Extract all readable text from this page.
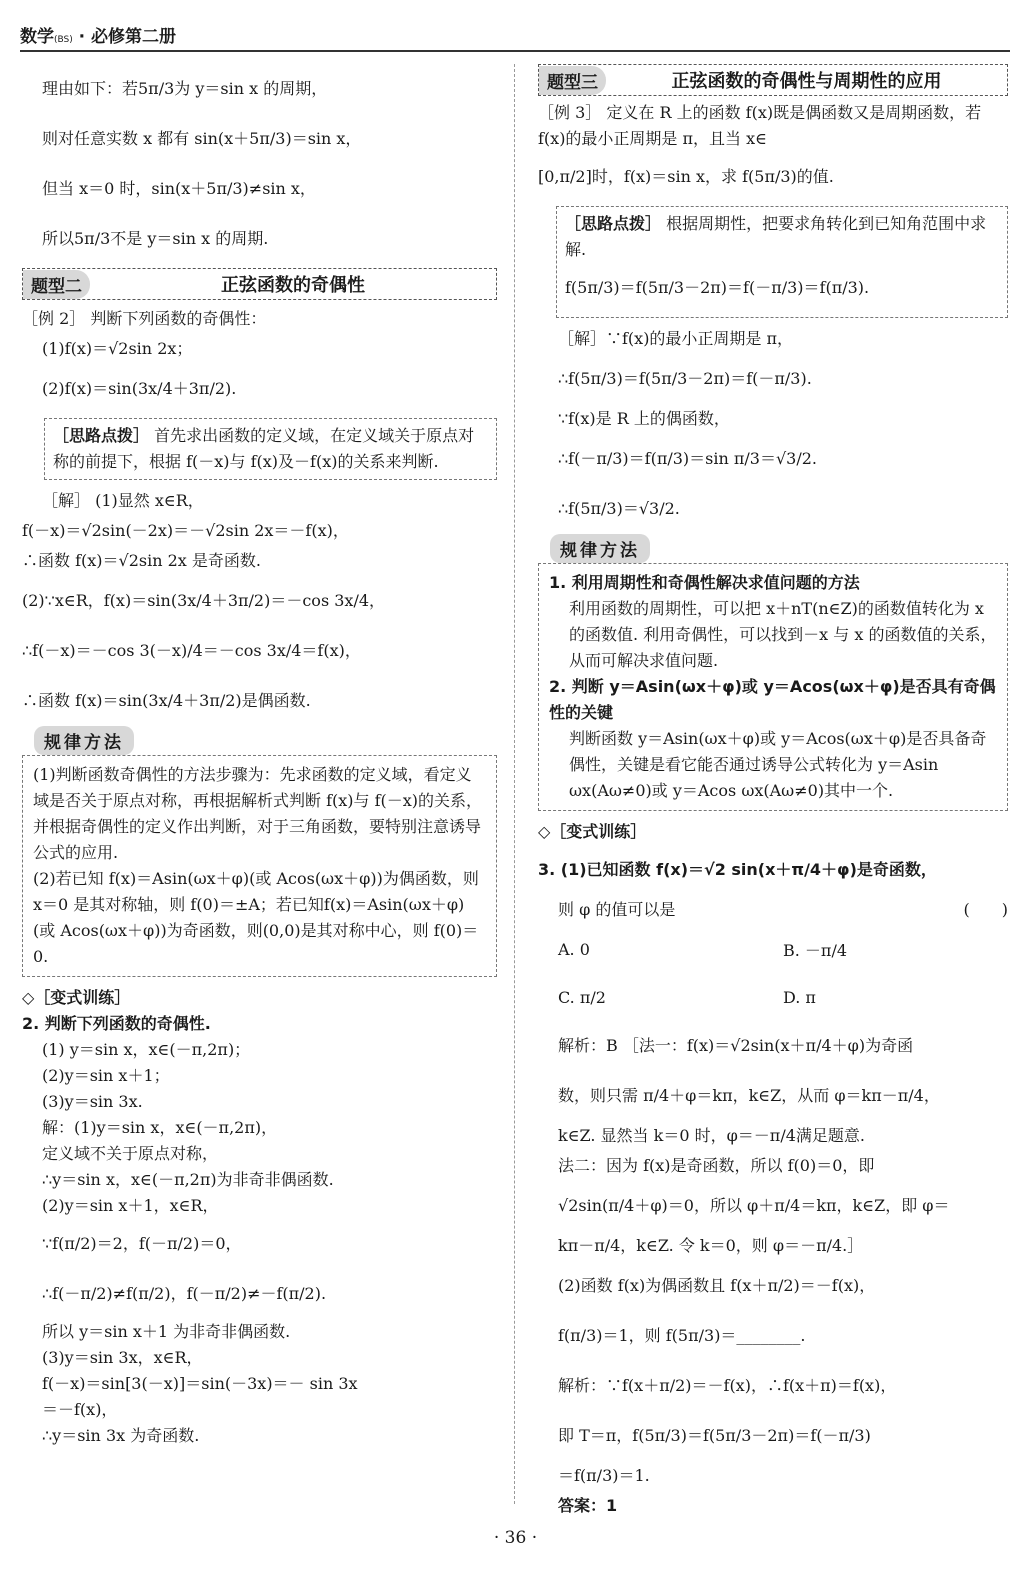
数学(BS) · 必修第二册

理由如下：若5π/3为 y＝sin x 的周期，

则对任意实数 x 都有 sin(x＋5π/3)＝sin x，

但当 x＝0 时，sin(x＋5π/3)≠sin x，

所以5π/3不是 y＝sin x 的周期.

题型二	正弦函数的奇偶性

［例 2］ 判断下列函数的奇偶性：

(1)f(x)＝√2sin 2x；

(2)f(x)＝sin(3x/4＋3π/2).

［思路点拨］ 首先求出函数的定义域，在定义域关于原点对称的前提下，根据 f(－x)与 f(x)及－f(x)的关系来判断.

［解］ (1)显然 x∈R，

f(－x)＝√2sin(－2x)＝－√2sin 2x＝－f(x)，

∴函数 f(x)＝√2sin 2x 是奇函数.

(2)∵x∈R，f(x)＝sin(3x/4＋3π/2)＝－cos 3x/4，

∴f(－x)＝－cos 3(－x)/4＝－cos 3x/4＝f(x)，

∴函数 f(x)＝sin(3x/4＋3π/2)是偶函数.

规律方法

(1)判断函数奇偶性的方法步骤为：先求函数的定义域，看定义域是否关于原点对称，再根据解析式判断 f(x)与 f(－x)的关系，并根据奇偶性的定义作出判断，对于三角函数，要特别注意诱导公式的应用.

(2)若已知 f(x)＝Asin(ωx＋φ)(或 Acos(ωx＋φ))为偶函数，则 x＝0 是其对称轴，则 f(0)＝±A；若已知f(x)＝Asin(ωx＋φ)(或 Acos(ωx＋φ))为奇函数，则(0,0)是其对称中心，则 f(0)＝0.

◇［变式训练］

2. 判断下列函数的奇偶性.

(1) y＝sin x，x∈(－π,2π)；

(2)y＝sin x＋1；

(3)y＝sin 3x.

解：(1)y＝sin x，x∈(－π,2π)，

定义域不关于原点对称，

∴y＝sin x，x∈(－π,2π)为非奇非偶函数.

(2)y＝sin x＋1，x∈R，

∵f(π/2)＝2，f(－π/2)＝0，

∴f(－π/2)≠f(π/2)，f(－π/2)≠－f(π/2).

所以 y＝sin x＋1 为非奇非偶函数.

(3)y＝sin 3x，x∈R，

f(－x)＝sin[3(－x)]＝sin(－3x)＝－ sin 3x

＝－f(x)，

∴y＝sin 3x 为奇函数.

题型三	正弦函数的奇偶性与周期性的应用

［例 3］ 定义在 R 上的函数 f(x)既是偶函数又是周期函数，若 f(x)的最小正周期是 π，且当 x∈

[0,π/2]时，f(x)＝sin x，求 f(5π/3)的值.

［思路点拨］ 根据周期性，把要求角转化到已知角范围中求解.

f(5π/3)＝f(5π/3－2π)＝f(－π/3)＝f(π/3).

［解］∵f(x)的最小正周期是 π，

∴f(5π/3)＝f(5π/3－2π)＝f(－π/3).

∵f(x)是 R 上的偶函数，

∴f(－π/3)＝f(π/3)＝sin π/3＝√3/2.

∴f(5π/3)＝√3/2.

规律方法

1. 利用周期性和奇偶性解决求值问题的方法

利用函数的周期性，可以把 x＋nT(n∈Z)的函数值转化为 x 的函数值. 利用奇偶性，可以找到－x 与 x 的函数值的关系，从而可解决求值问题.

2. 判断 y＝Asin(ωx＋φ)或 y＝Acos(ωx＋φ)是否具有奇偶性的关键

判断函数 y＝Asin(ωx＋φ)或 y＝Acos(ωx＋φ)是否具备奇偶性，关键是看它能否通过诱导公式转化为 y＝Asin ωx(Aω≠0)或 y＝Acos ωx(Aω≠0)其中一个.

◇［变式训练］

3. (1)已知函数 f(x)＝√2 sin(x＋π/4＋φ)是奇函数，

则 φ 的值可以是	(　　)

A. 0	B. －π/4
C. π/2	D. π

解析：B ［法一：f(x)＝√2sin(x＋π/4＋φ)为奇函

数，则只需 π/4＋φ＝kπ，k∈Z，从而 φ＝kπ－π/4，

k∈Z. 显然当 k＝0 时，φ＝－π/4满足题意.

法二：因为 f(x)是奇函数，所以 f(0)＝0，即

√2sin(π/4＋φ)＝0，所以 φ＋π/4＝kπ，k∈Z，即 φ＝

kπ－π/4，k∈Z. 令 k＝0，则 φ＝－π/4.］

(2)函数 f(x)为偶函数且 f(x＋π/2)＝－f(x)，

f(π/3)＝1，则 f(5π/3)＝________.

解析：∵f(x＋π/2)＝－f(x)，∴f(x＋π)＝f(x)，

即 T＝π，f(5π/3)＝f(5π/3－2π)＝f(－π/3)

＝f(π/3)＝1.

答案：1

· 36 ·
